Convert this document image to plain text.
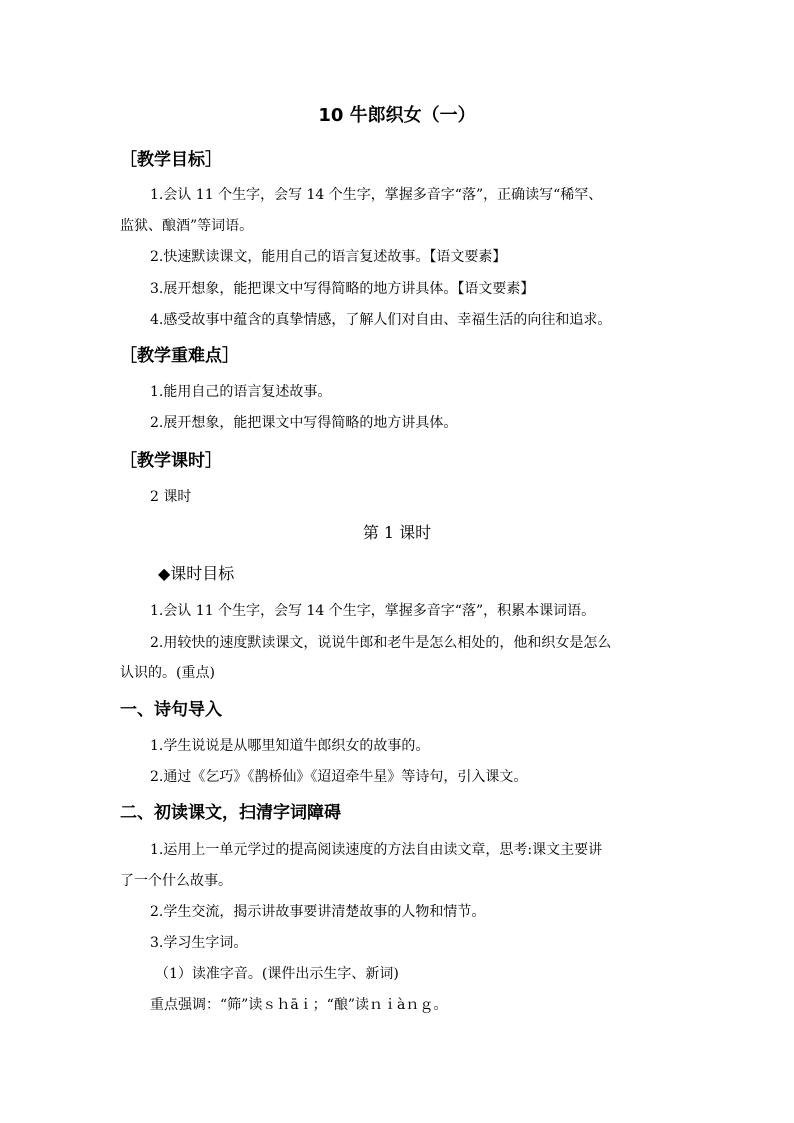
10 牛郎织女（一）
［教学目标］
1.会认 11 个生字，会写 14 个生字，掌握多音字“落”，正确读写“稀罕、
监狱、酿酒”等词语。
2.快速默读课文，能用自己的语言复述故事。【语文要素】
3.展开想象，能把课文中写得简略的地方讲具体。【语文要素】
4.感受故事中蕴含的真挚情感，了解人们对自由、幸福生活的向往和追求。
［教学重难点］
1.能用自己的语言复述故事。
2.展开想象，能把课文中写得简略的地方讲具体。
［教学课时］
2 课时
第 1 课时
◆课时目标
1.会认 11 个生字，会写 14 个生字，掌握多音字“落”，积累本课词语。
2.用较快的速度默读课文，说说牛郎和老牛是怎么相处的，他和织女是怎么
认识的。(重点)
一、诗句导入
1.学生说说是从哪里知道牛郎织女的故事的。
2.通过《乞巧》《鹊桥仙》《迢迢牵牛星》等诗句，引入课文。
二、初读课文，扫清字词障碍
1.运用上一单元学过的提高阅读速度的方法自由读文章，思考:课文主要讲
了一个什么故事。
2.学生交流，揭示讲故事要讲清楚故事的人物和情节。
3.学习生字词。
（1）读准字音。(课件出示生字、新词)
重点强调：“筛”读ｓｈāｉ；“酿”读ｎｉàｎｇ。
